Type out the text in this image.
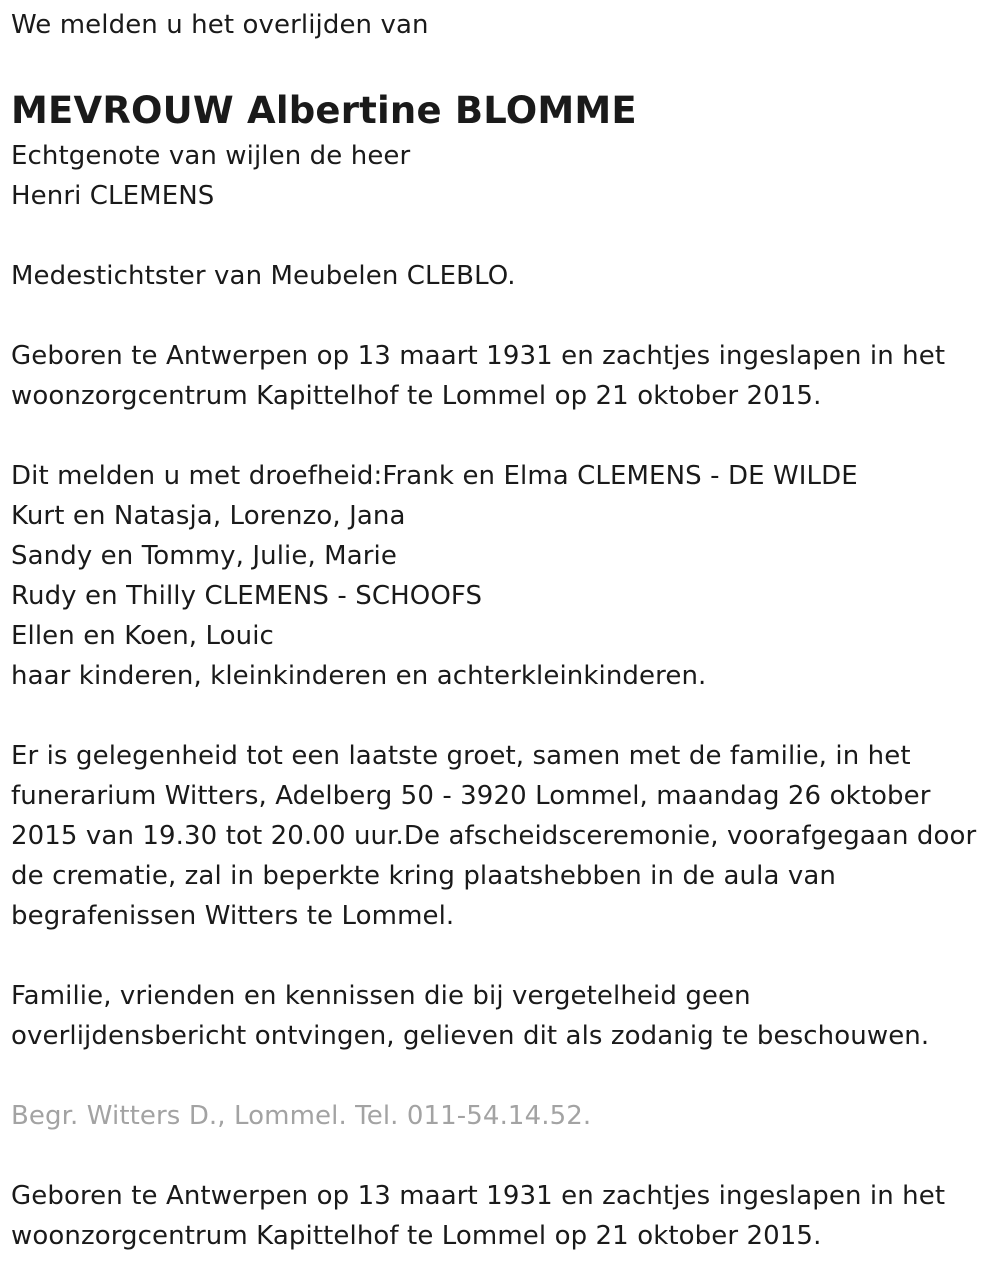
We melden u het overlijden van
MEVROUW Albertine BLOMME
Echtgenote van wijlen de heer
Henri CLEMENS
Medestichtster van Meubelen CLEBLO.
Geboren te Antwerpen op 13 maart 1931 en zachtjes ingeslapen in het
woonzorgcentrum Kapittelhof te Lommel op 21 oktober 2015.
Dit melden u met droefheid:Frank en Elma CLEMENS - DE WILDE
Kurt en Natasja, Lorenzo, Jana
Sandy en Tommy, Julie, Marie
Rudy en Thilly CLEMENS - SCHOOFS
Ellen en Koen, Louic
haar kinderen, kleinkinderen en achterkleinkinderen.
Er is gelegenheid tot een laatste groet, samen met de familie, in het
funerarium Witters, Adelberg 50 - 3920 Lommel, maandag 26 oktober
2015 van 19.30 tot 20.00 uur.De afscheidsceremonie, voorafgegaan door
de crematie, zal in beperkte kring plaatshebben in de aula van
begrafenissen Witters te Lommel.
Familie, vrienden en kennissen die bij vergetelheid geen
overlijdensbericht ontvingen, gelieven dit als zodanig te beschouwen.
Begr. Witters D., Lommel. Tel. 011-54.14.52.
Geboren te Antwerpen op 13 maart 1931 en zachtjes ingeslapen in het
woonzorgcentrum Kapittelhof te Lommel op 21 oktober 2015.
